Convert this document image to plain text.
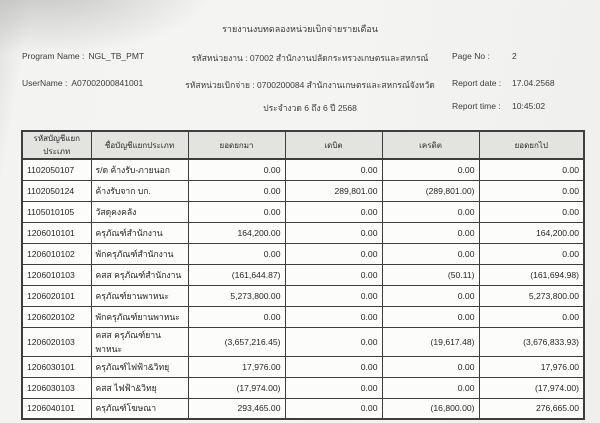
รายงานงบทดลองหน่วยเบิกจ่ายรายเดือน
Program Name : NGL_TB_PMT	รหัสหน่วยงาน : 07002 สำนักงานปลัดกระทรวงเกษตรและสหกรณ์	Page No :	2
UserName : A07002000841001	รหัสหน่วยเบิกจ่าย : 0700200084 สำนักงานเกษตรและสหกรณ์จังหวัด	Report date : 17.04.2568
ประจำงวด 6 ถึง 6 ปี 2568	Report time : 10:45:02
รหัสบัญชีแยกประเภท	ชื่อบัญชีแยกประเภท	ยอดยกมา	เดบิต	เครดิต	ยอดยกไป
1102050107	ร/ด ค้างรับ-ภายนอก	0.00	0.00	0.00	0.00
1102050124	ค้างรับจาก บก.	0.00	289,801.00	(289,801.00)	0.00
1105010105	วัสดุคงคลัง	0.00	0.00	0.00	0.00
1206010101	ครุภัณฑ์สำนักงาน	164,200.00	0.00	0.00	164,200.00
1206010102	พักครุภัณฑ์สำนักงาน	0.00	0.00	0.00	0.00
1206010103	คสส ครุภัณฑ์สำนักงาน	(161,644.87)	0.00	(50.11)	(161,694.98)
1206020101	ครุภัณฑ์ยานพาหนะ	5,273,800.00	0.00	0.00	5,273,800.00
1206020102	พักครุภัณฑ์ยานพาหนะ	0.00	0.00	0.00	0.00
1206020103	คสส ครุภัณฑ์ยานพาหนะ	(3,657,216.45)	0.00	(19,617.48)	(3,676,833.93)
1206030101	ครุภัณฑ์ไฟฟ้า&วิทยุ	17,976.00	0.00	0.00	17,976.00
1206030103	คสส ไฟฟ้า&วิทยุ	(17,974.00)	0.00	0.00	(17,974.00)
1206040101	ครุภัณฑ์โฆษณา	293,465.00	0.00	(16,800.00)	276,665.00
